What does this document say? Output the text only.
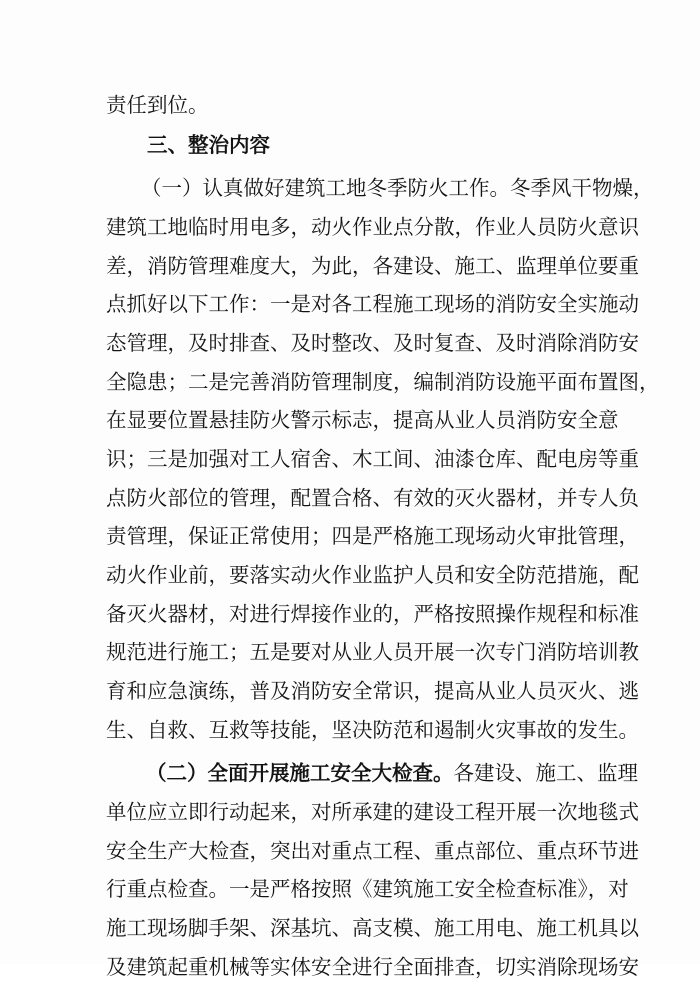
责任到位。
三、整治内容
（一）认真做好建筑工地冬季防火工作。冬季风干物燥，
建筑工地临时用电多，动火作业点分散，作业人员防火意识
差，消防管理难度大，为此，各建设、施工、监理单位要重
点抓好以下工作：一是对各工程施工现场的消防安全实施动
态管理，及时排查、及时整改、及时复查、及时消除消防安
全隐患；二是完善消防管理制度，编制消防设施平面布置图，
在显要位置悬挂防火警示标志，提高从业人员消防安全意
识；三是加强对工人宿舍、木工间、油漆仓库、配电房等重
点防火部位的管理，配置合格、有效的灭火器材，并专人负
责管理，保证正常使用；四是严格施工现场动火审批管理，
动火作业前，要落实动火作业监护人员和安全防范措施，配
备灭火器材，对进行焊接作业的，严格按照操作规程和标准
规范进行施工；五是要对从业人员开展一次专门消防培训教
育和应急演练，普及消防安全常识，提高从业人员灭火、逃
生、自救、互救等技能，坚决防范和遏制火灾事故的发生。
（二）全面开展施工安全大检查。各建设、施工、监理
单位应立即行动起来，对所承建的建设工程开展一次地毯式
安全生产大检查，突出对重点工程、重点部位、重点环节进
行重点检查。一是严格按照《建筑施工安全检查标准》，对
施工现场脚手架、深基坑、高支模、施工用电、施工机具以
及建筑起重机械等实体安全进行全面排查，切实消除现场安
